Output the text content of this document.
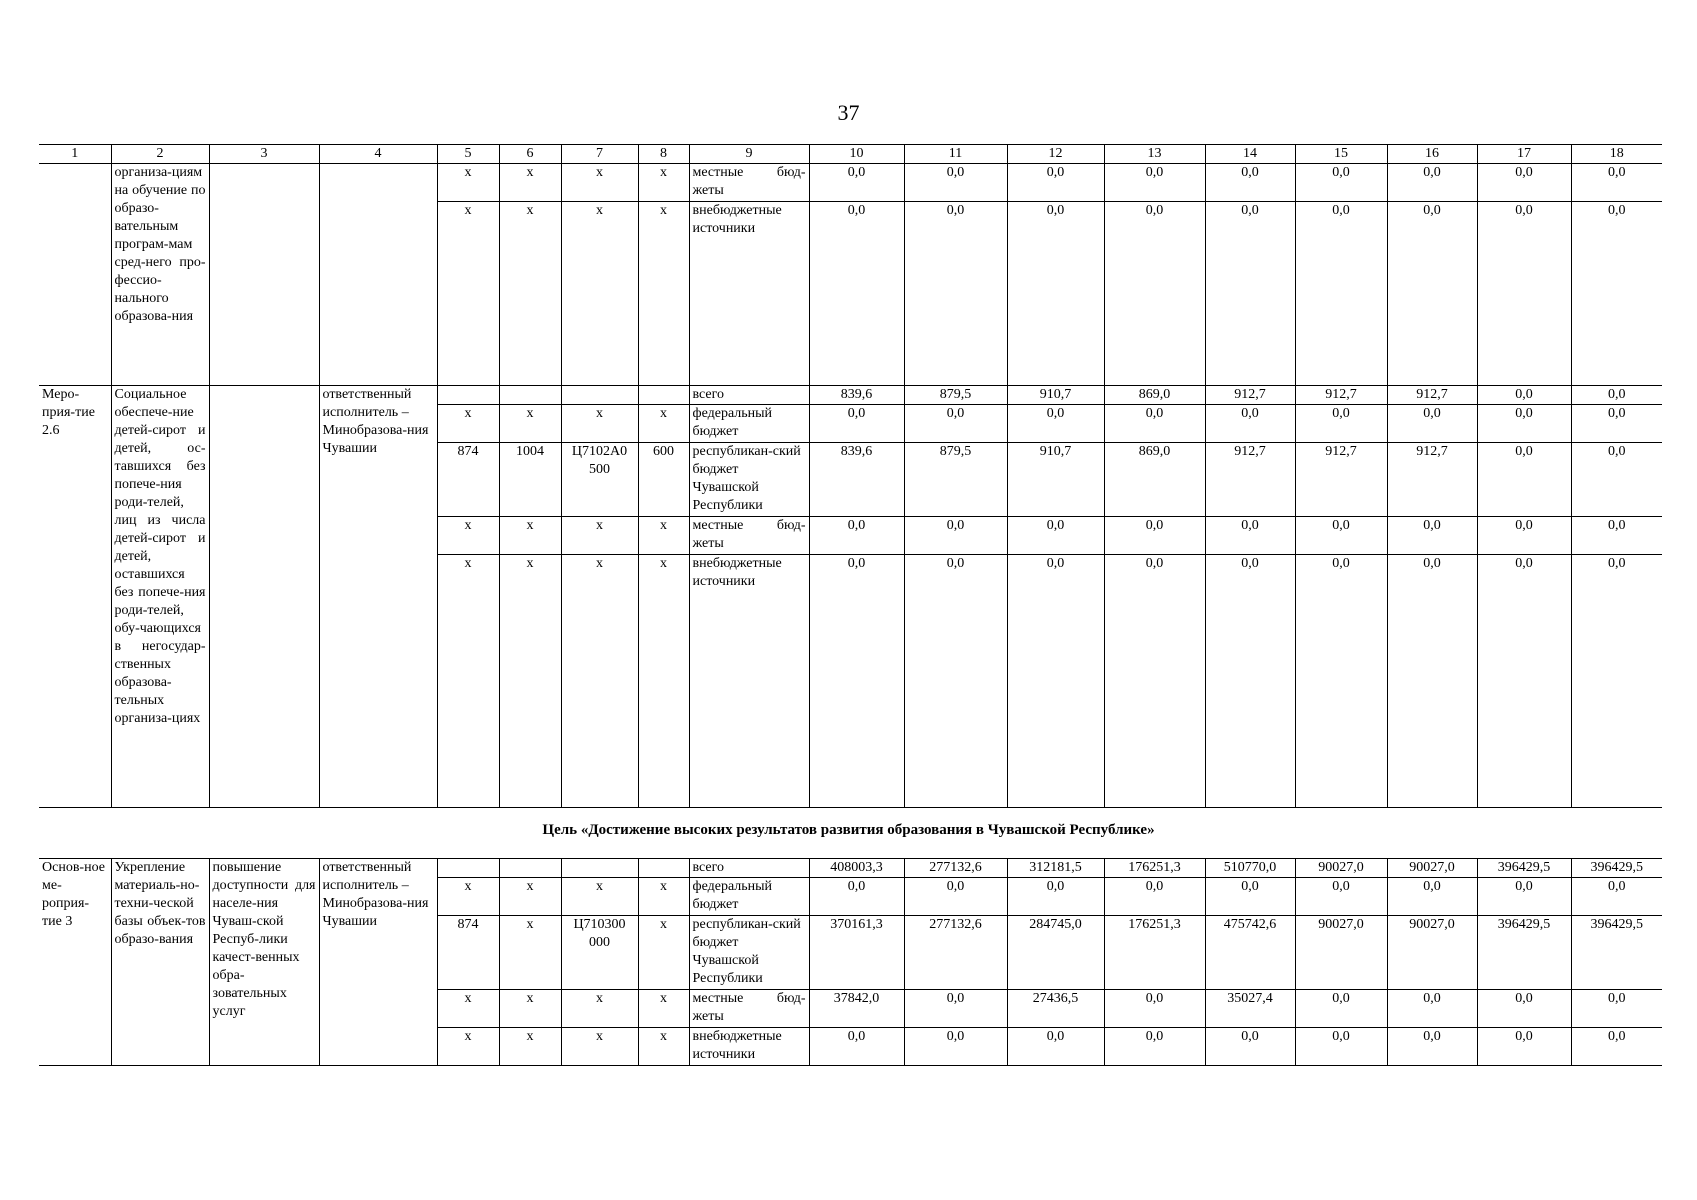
37
1	2	3	4	5	6	7	8	9	10	11	12	13	14	15	16	17	18
	организа-циям на обучение по образо-вательным програм-мам сред-него про-фессио-нального образова-ния			x	x	x	x	местные бюд-жеты	0,0	0,0	0,0	0,0	0,0	0,0	0,0	0,0	0,0
				x	x	x	x	внебюджетные источники	0,0	0,0	0,0	0,0	0,0	0,0	0,0	0,0	0,0
Меро-прия-тие 2.6	Социальное обеспече-ние детей-сирот и детей, ос-тавшихся без попече-ния роди-телей, лиц из числа детей-сирот и детей, оставшихся без попече-ния роди-телей, обу-чающихся в негосудар-ственных образова-тельных организа-циях		ответственный исполнитель – Минобразова-ния Чувашии					всего	839,6	879,5	910,7	869,0	912,7	912,7	912,7	0,0	0,0
				x	x	x	x	федеральный бюджет	0,0	0,0	0,0	0,0	0,0	0,0	0,0	0,0	0,0
				874	1004	Ц7102А0 500	600	республикан-ский бюджет Чувашской Республики	839,6	879,5	910,7	869,0	912,7	912,7	912,7	0,0	0,0
				x	x	x	x	местные бюд-жеты	0,0	0,0	0,0	0,0	0,0	0,0	0,0	0,0	0,0
				x	x	x	x	внебюджетные источники	0,0	0,0	0,0	0,0	0,0	0,0	0,0	0,0	0,0
Цель «Достижение высоких результатов развития образования в Чувашской Республике»
Основ-ное ме-роприя-тие 3	Укрепление материаль-но-техни-ческой базы объек-тов образо-вания	повышение доступности для населе-ния Чуваш-ской Респуб-лики качест-венных обра-зовательных услуг	ответственный исполнитель – Минобразова-ния Чувашии					всего	408003,3	277132,6	312181,5	176251,3	510770,0	90027,0	90027,0	396429,5	396429,5
				x	x	x	x	федеральный бюджет	0,0	0,0	0,0	0,0	0,0	0,0	0,0	0,0	0,0
				874	x	Ц710300 000	x	республикан-ский бюджет Чувашской Республики	370161,3	277132,6	284745,0	176251,3	475742,6	90027,0	90027,0	396429,5	396429,5
				x	x	x	x	местные бюд-жеты	37842,0	0,0	27436,5	0,0	35027,4	0,0	0,0	0,0	0,0
				x	x	x	x	внебюджетные источники	0,0	0,0	0,0	0,0	0,0	0,0	0,0	0,0	0,0
